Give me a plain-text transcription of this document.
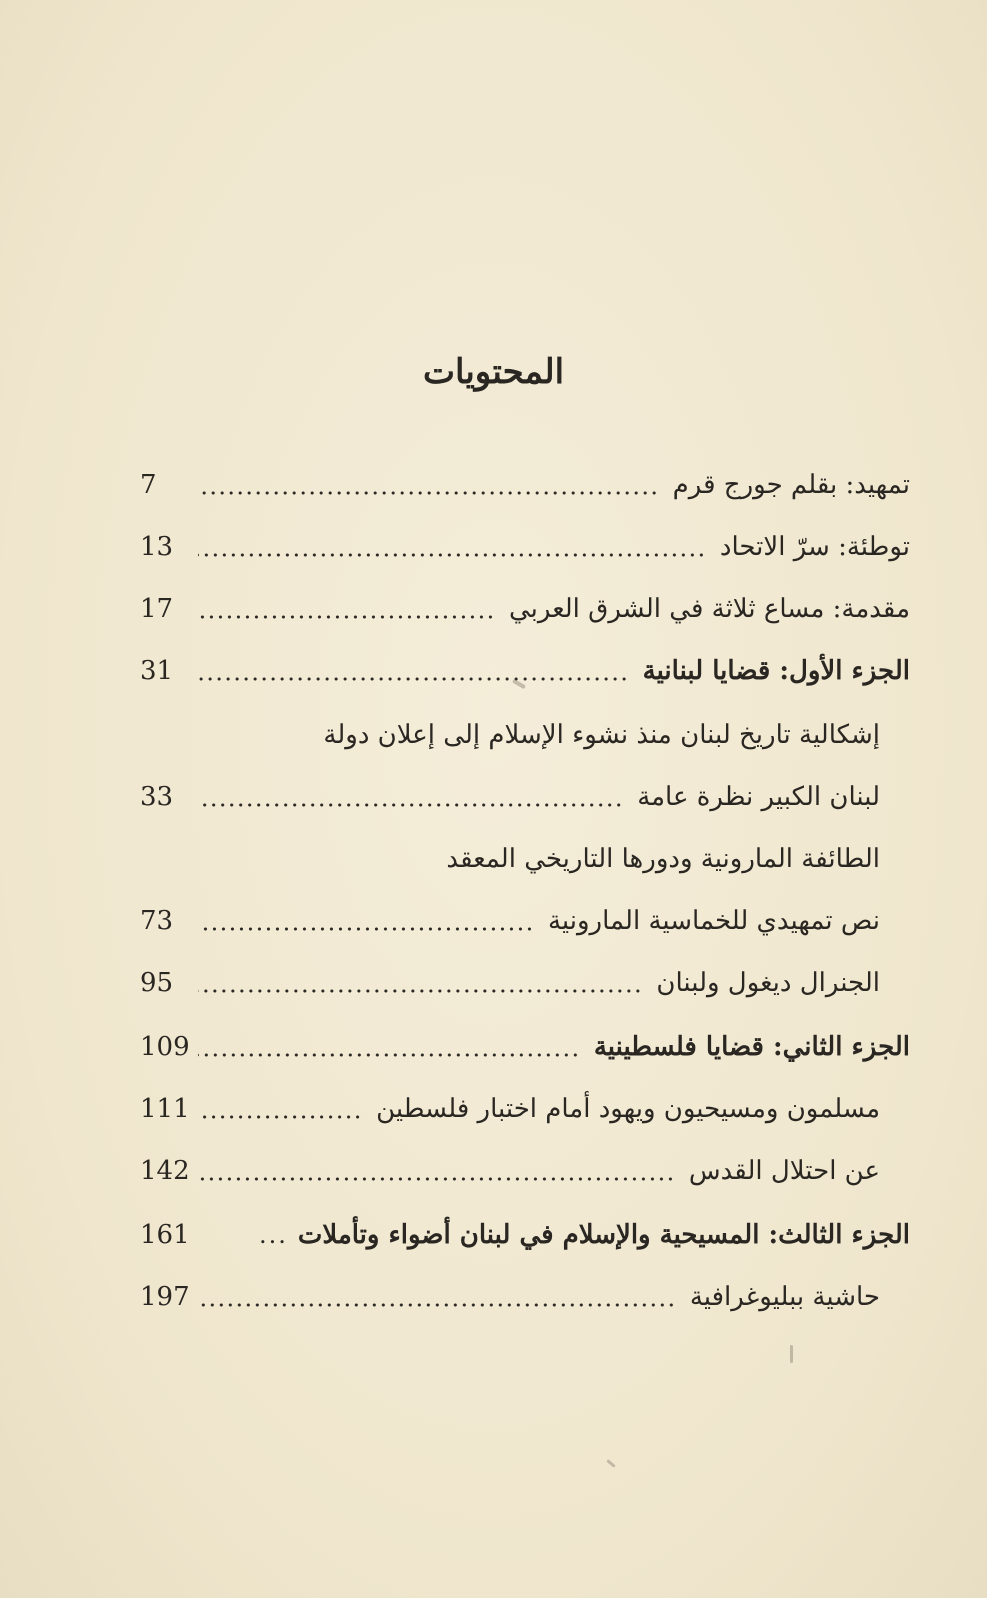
المحتويات
تمهيد: بقلم جورج قرم
7
توطئة: سرّ الاتحاد
13
مقدمة: مساع ثلاثة في الشرق العربي
17
الجزء الأول: قضايا لبنانية
31
إشكالية تاريخ لبنان منذ نشوء الإسلام إلى إعلان دولة
لبنان الكبير نظرة عامة
33
الطائفة المارونية ودورها التاريخي المعقد
نص تمهيدي للخماسية المارونية
73
الجنرال ديغول ولبنان
95
الجزء الثاني: قضايا فلسطينية
109
مسلمون ومسيحيون ويهود أمام اختبار فلسطين
111
عن احتلال القدس
142
الجزء الثالث: المسيحية والإسلام في لبنان أضواء وتأملات
...
161
حاشية ببليوغرافية
197
